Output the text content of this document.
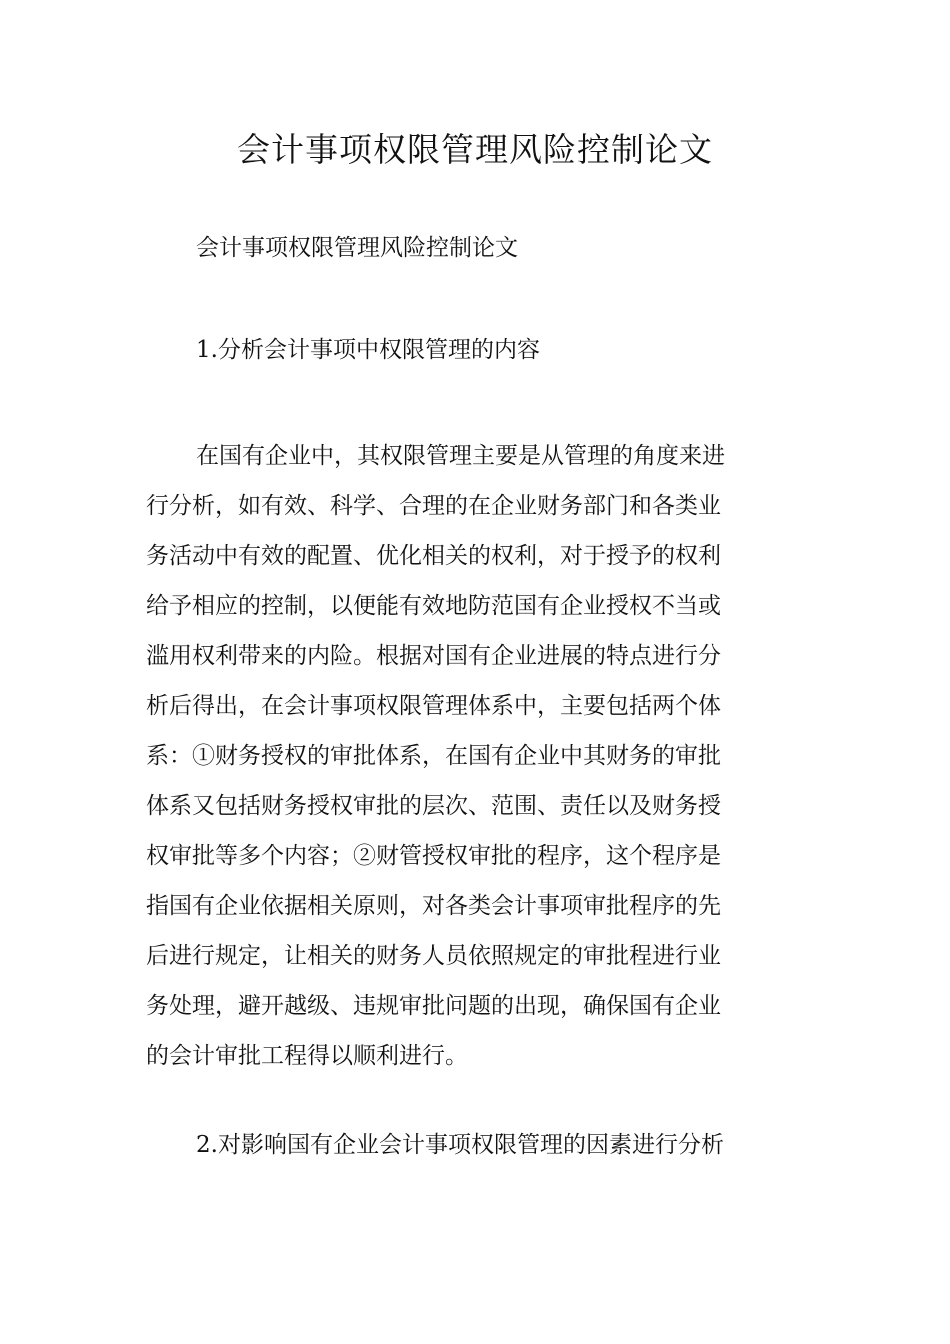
会计事项权限管理风险控制论文

会计事项权限管理风险控制论文

1.分析会计事项中权限管理的内容

在国有企业中，其权限管理主要是从管理的角度来进
行分析，如有效、科学、合理的在企业财务部门和各类业
务活动中有效的配置、优化相关的权利，对于授予的权利
给予相应的控制，以便能有效地防范国有企业授权不当或
滥用权利带来的内险。根据对国有企业进展的特点进行分
析后得出，在会计事项权限管理体系中，主要包括两个体
系：①财务授权的审批体系，在国有企业中其财务的审批
体系又包括财务授权审批的层次、范围、责任以及财务授
权审批等多个内容；②财管授权审批的程序，这个程序是
指国有企业依据相关原则，对各类会计事项审批程序的先
后进行规定，让相关的财务人员依照规定的审批程进行业
务处理，避开越级、违规审批问题的出现，确保国有企业
的会计审批工程得以顺利进行。

2.对影响国有企业会计事项权限管理的因素进行分析
